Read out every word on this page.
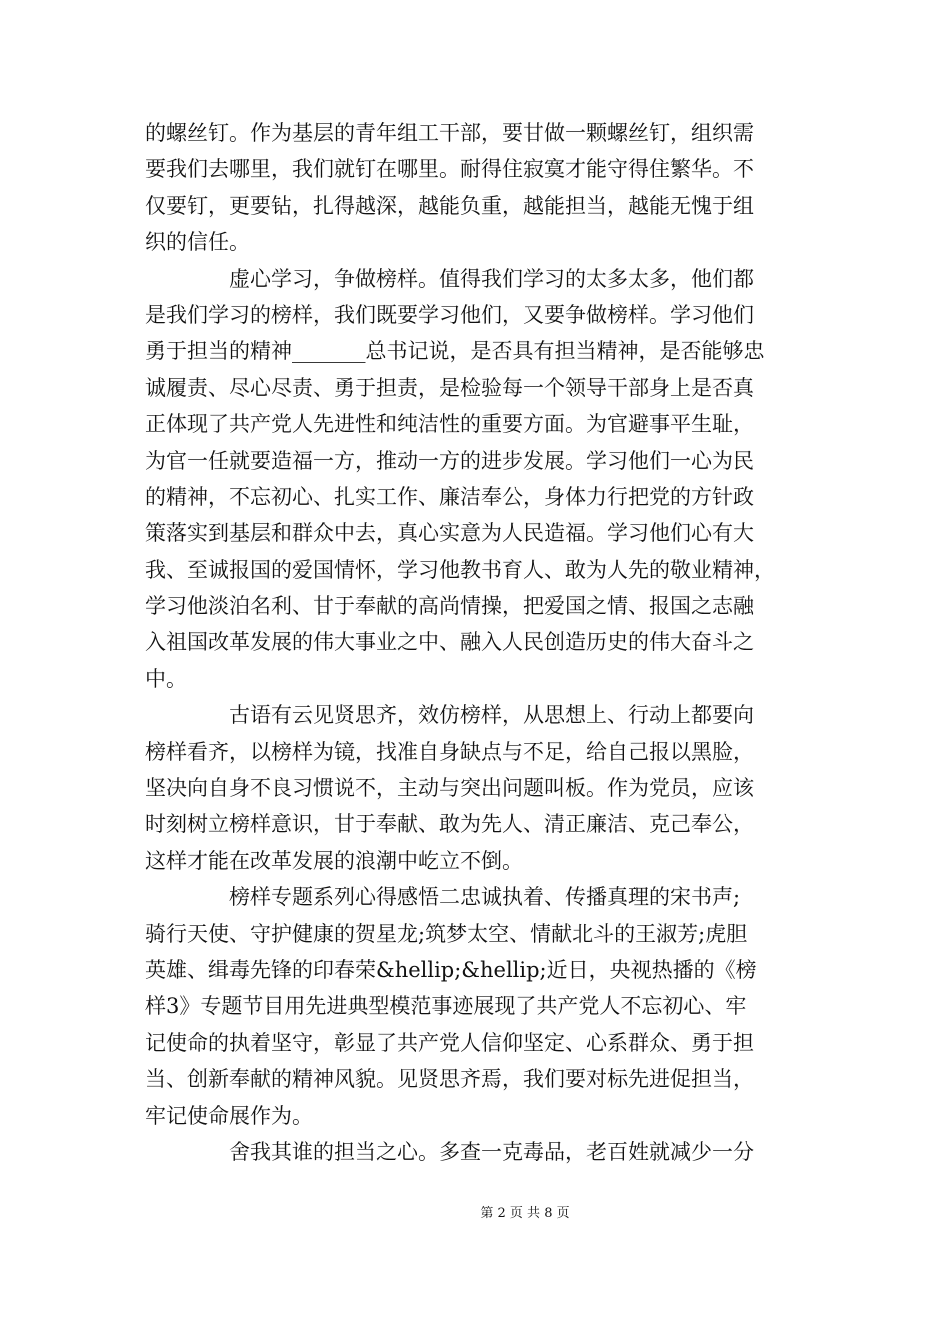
的螺丝钉。作为基层的青年组工干部，要甘做一颗螺丝钉，组织需
要我们去哪里，我们就钉在哪里。耐得住寂寞才能守得住繁华。不
仅要钉，更要钻，扎得越深，越能负重，越能担当，越能无愧于组
织的信任。
　　　　虚心学习，争做榜样。值得我们学习的太多太多，他们都
是我们学习的榜样，我们既要学习他们，又要争做榜样。学习他们
勇于担当的精神_______总书记说，是否具有担当精神，是否能够忠
诚履责、尽心尽责、勇于担责，是检验每一个领导干部身上是否真
正体现了共产党人先进性和纯洁性的重要方面。为官避事平生耻，
为官一任就要造福一方，推动一方的进步发展。学习他们一心为民
的精神，不忘初心、扎实工作、廉洁奉公，身体力行把党的方针政
策落实到基层和群众中去，真心实意为人民造福。学习他们心有大
我、至诚报国的爱国情怀，学习他教书育人、敢为人先的敬业精神，
学习他淡泊名利、甘于奉献的高尚情操，把爱国之情、报国之志融
入祖国改革发展的伟大事业之中、融入人民创造历史的伟大奋斗之
中。
　　　　古语有云见贤思齐，效仿榜样，从思想上、行动上都要向
榜样看齐，以榜样为镜，找准自身缺点与不足，给自己报以黑脸，
坚决向自身不良习惯说不，主动与突出问题叫板。作为党员，应该
时刻树立榜样意识，甘于奉献、敢为先人、清正廉洁、克己奉公，
这样才能在改革发展的浪潮中屹立不倒。
　　　　榜样专题系列心得感悟二忠诚执着、传播真理的宋书声;
骑行天使、守护健康的贺星龙;筑梦太空、情献北斗的王淑芳;虎胆
英雄、缉毒先锋的印春荣&hellip;&hellip;近日，央视热播的《榜
样3》专题节目用先进典型模范事迹展现了共产党人不忘初心、牢
记使命的执着坚守，彰显了共产党人信仰坚定、心系群众、勇于担
当、创新奉献的精神风貌。见贤思齐焉，我们要对标先进促担当，
牢记使命展作为。
　　　　舍我其谁的担当之心。多查一克毒品，老百姓就减少一分
第 2 页 共 8 页
